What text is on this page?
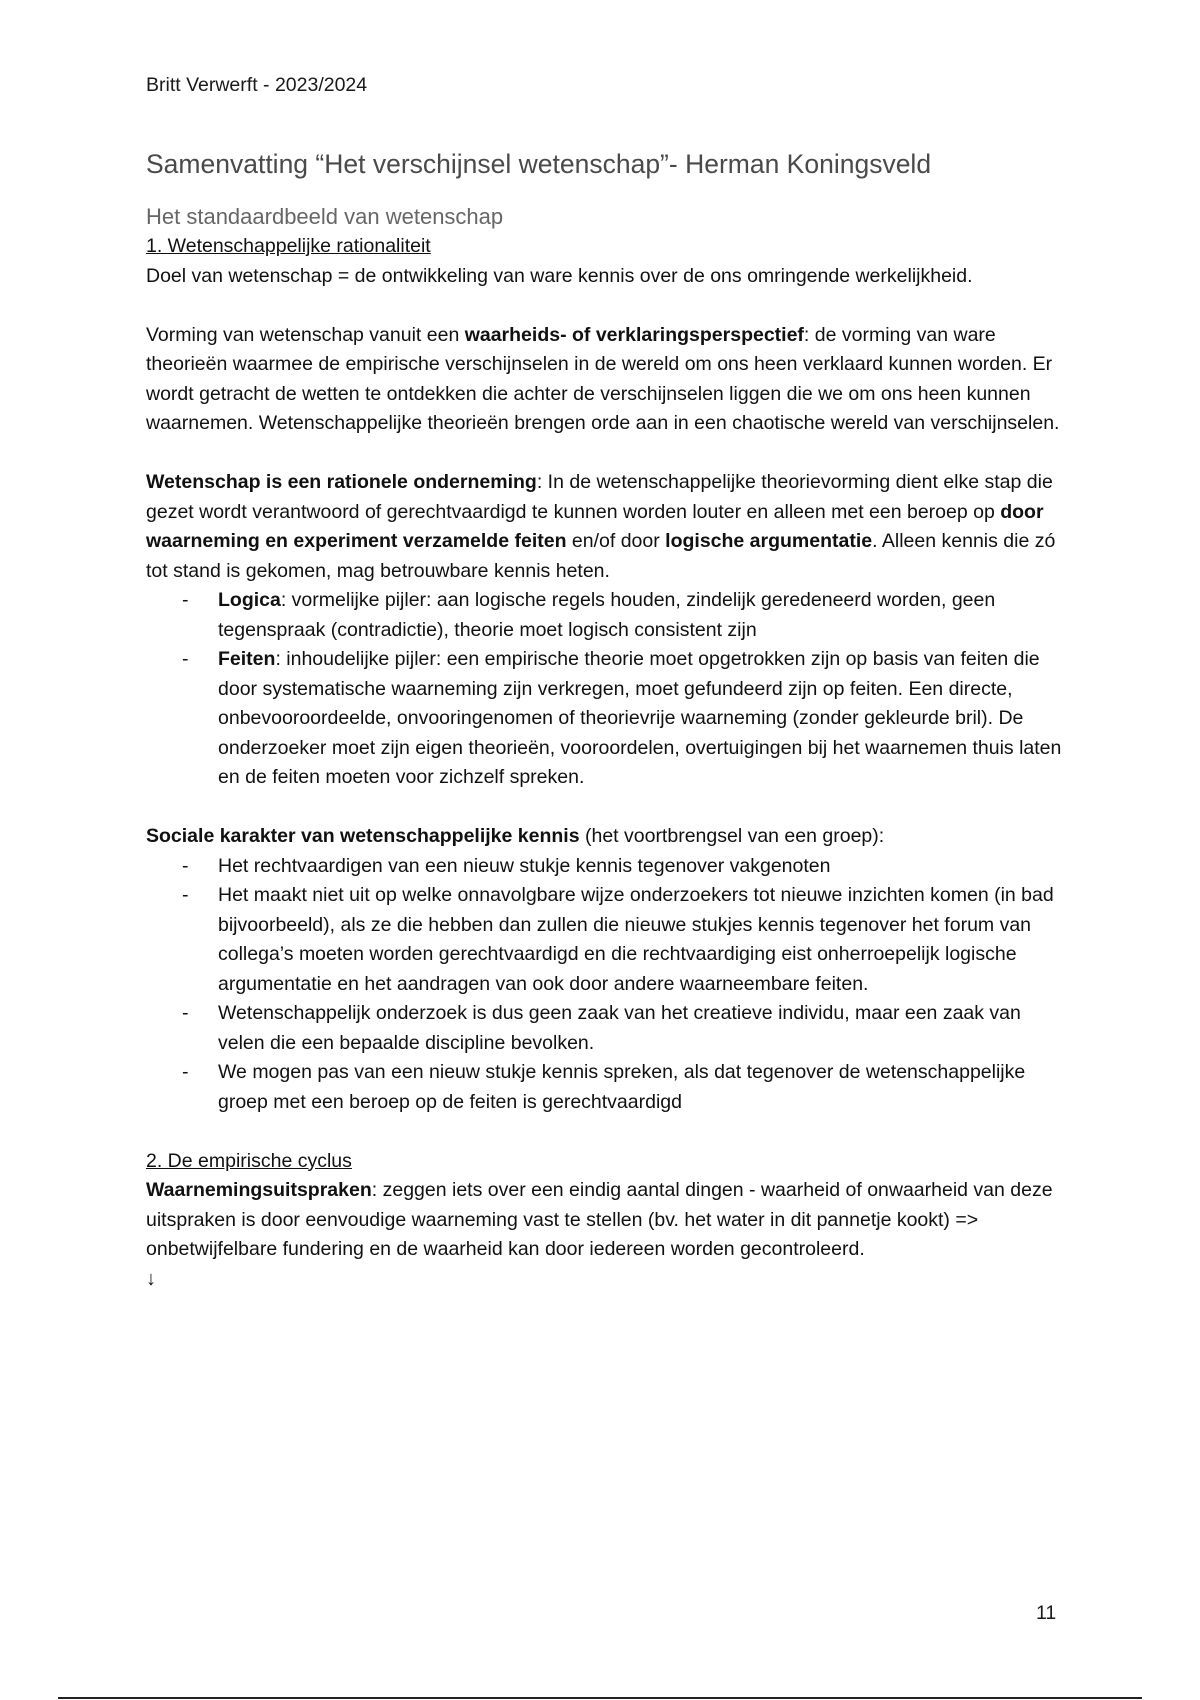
Britt Verwerft - 2023/2024
Samenvatting “Het verschijnsel wetenschap”- Herman Koningsveld
Het standaardbeeld van wetenschap

1. Wetenschappelijke rationaliteit

Doel van wetenschap = de ontwikkeling van ware kennis over de ons omringende werkelijkheid.

Vorming van wetenschap vanuit een waarheids- of verklaringsperspectief: de vorming van ware theorieën waarmee de empirische verschijnselen in de wereld om ons heen verklaard kunnen worden. Er wordt getracht de wetten te ontdekken die achter de verschijnselen liggen die we om ons heen kunnen waarnemen. Wetenschappelijke theorieën brengen orde aan in een chaotische wereld van verschijnselen.

Wetenschap is een rationele onderneming: In de wetenschappelijke theorievorming dient elke stap die gezet wordt verantwoord of gerechtvaardigd te kunnen worden louter en alleen met een beroep op door waarneming en experiment verzamelde feiten en/of door logische argumentatie. Alleen kennis die zó tot stand is gekomen, mag betrouwbare kennis heten.

- Logica: vormelijke pijler: aan logische regels houden, zindelijk geredeneerd worden, geen tegenspraak (contradictie), theorie moet logisch consistent zijn
- Feiten: inhoudelijke pijler: een empirische theorie moet opgetrokken zijn op basis van feiten die door systematische waarneming zijn verkregen, moet gefundeerd zijn op feiten. Een directe, onbevooroordeelde, onvooringenomen of theorievrije waarneming (zonder gekleurde bril). De onderzoeker moet zijn eigen theorieën, vooroordelen, overtuigingen bij het waarnemen thuis laten en de feiten moeten voor zichzelf spreken.

Sociale karakter van wetenschappelijke kennis (het voortbrengsel van een groep):

- Het rechtvaardigen van een nieuw stukje kennis tegenover vakgenoten
- Het maakt niet uit op welke onnavolgbare wijze onderzoekers tot nieuwe inzichten komen (in bad bijvoorbeeld), als ze die hebben dan zullen die nieuwe stukjes kennis tegenover het forum van collega’s moeten worden gerechtvaardigd en die rechtvaardiging eist onherroepelijk logische argumentatie en het aandragen van ook door andere waarneembare feiten.
- Wetenschappelijk onderzoek is dus geen zaak van het creatieve individu, maar een zaak van velen die een bepaalde discipline bevolken.
- We mogen pas van een nieuw stukje kennis spreken, als dat tegenover de wetenschappelijke groep met een beroep op de feiten is gerechtvaardigd

2. De empirische cyclus

Waarnemingsuitspraken: zeggen iets over een eindig aantal dingen - waarheid of onwaarheid van deze uitspraken is door eenvoudige waarneming vast te stellen (bv. het water in dit pannetje kookt) => onbetwijfelbare fundering en de waarheid kan door iedereen worden gecontroleerd.

↓

11
